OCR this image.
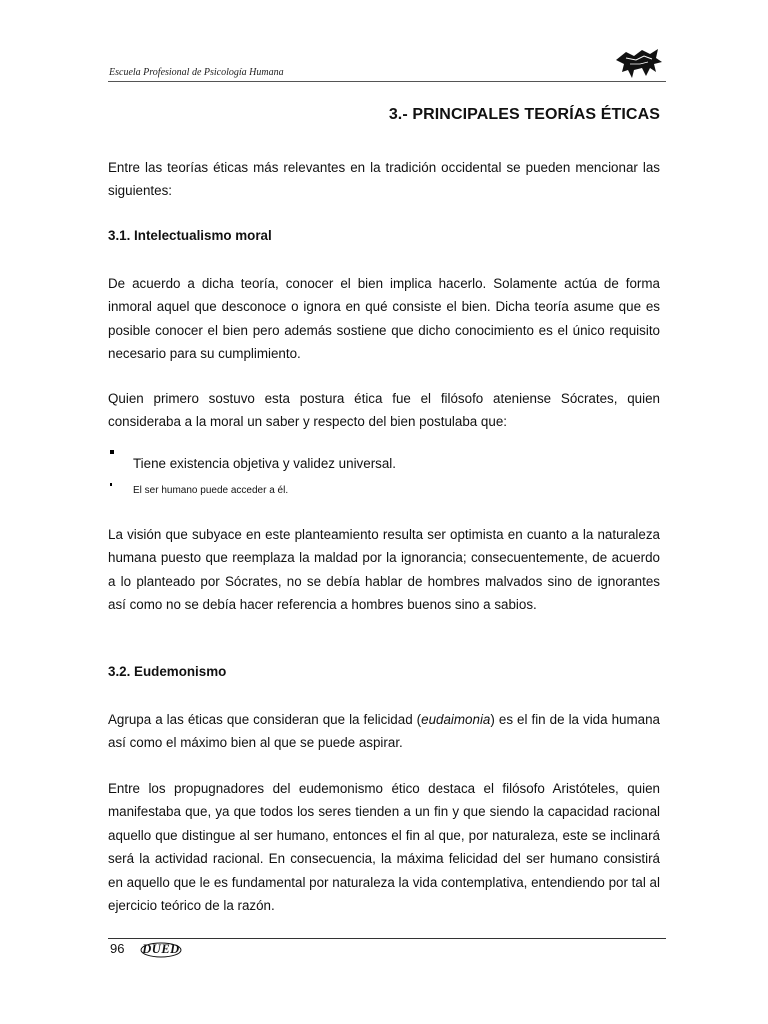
Escuela Profesional de Psicología Humana
3.- PRINCIPALES TEORÍAS ÉTICAS

Entre las teorías éticas más relevantes en la tradición occidental se pueden mencionar las siguientes:

3.1. Intelectualismo moral

De acuerdo a dicha teoría, conocer el bien implica hacerlo. Solamente actúa de forma inmoral aquel que desconoce o ignora en qué consiste el bien. Dicha teoría asume que es posible conocer el bien pero además sostiene que dicho conocimiento es el único requisito necesario para su cumplimiento.

Quien primero sostuvo esta postura ética fue el filósofo ateniense Sócrates, quien consideraba a la moral un saber y respecto del bien postulaba que:

Tiene existencia objetiva y validez universal.
El ser humano puede acceder a él.

La visión que subyace en este planteamiento resulta ser optimista en cuanto a la naturaleza humana puesto que reemplaza la maldad por la ignorancia; consecuentemente, de acuerdo a lo planteado por Sócrates, no se debía hablar de hombres malvados sino de ignorantes así como no se debía hacer referencia a hombres buenos sino a sabios.

3.2. Eudemonismo

Agrupa a las éticas que consideran que la felicidad (eudaimonia) es el fin de la vida humana así como el máximo bien al que se puede aspirar.

Entre los propugnadores del eudemonismo ético destaca el filósofo Aristóteles, quien manifestaba que, ya que todos los seres tienden a un fin y que siendo la capacidad racional aquello que distingue al ser humano, entonces el fin al que, por naturaleza, este se inclinará será la actividad racional. En consecuencia, la máxima felicidad del ser humano consistirá en aquello que le es fundamental por naturaleza la vida contemplativa, entendiendo por tal al ejercicio teórico de la razón.

96 DUED
